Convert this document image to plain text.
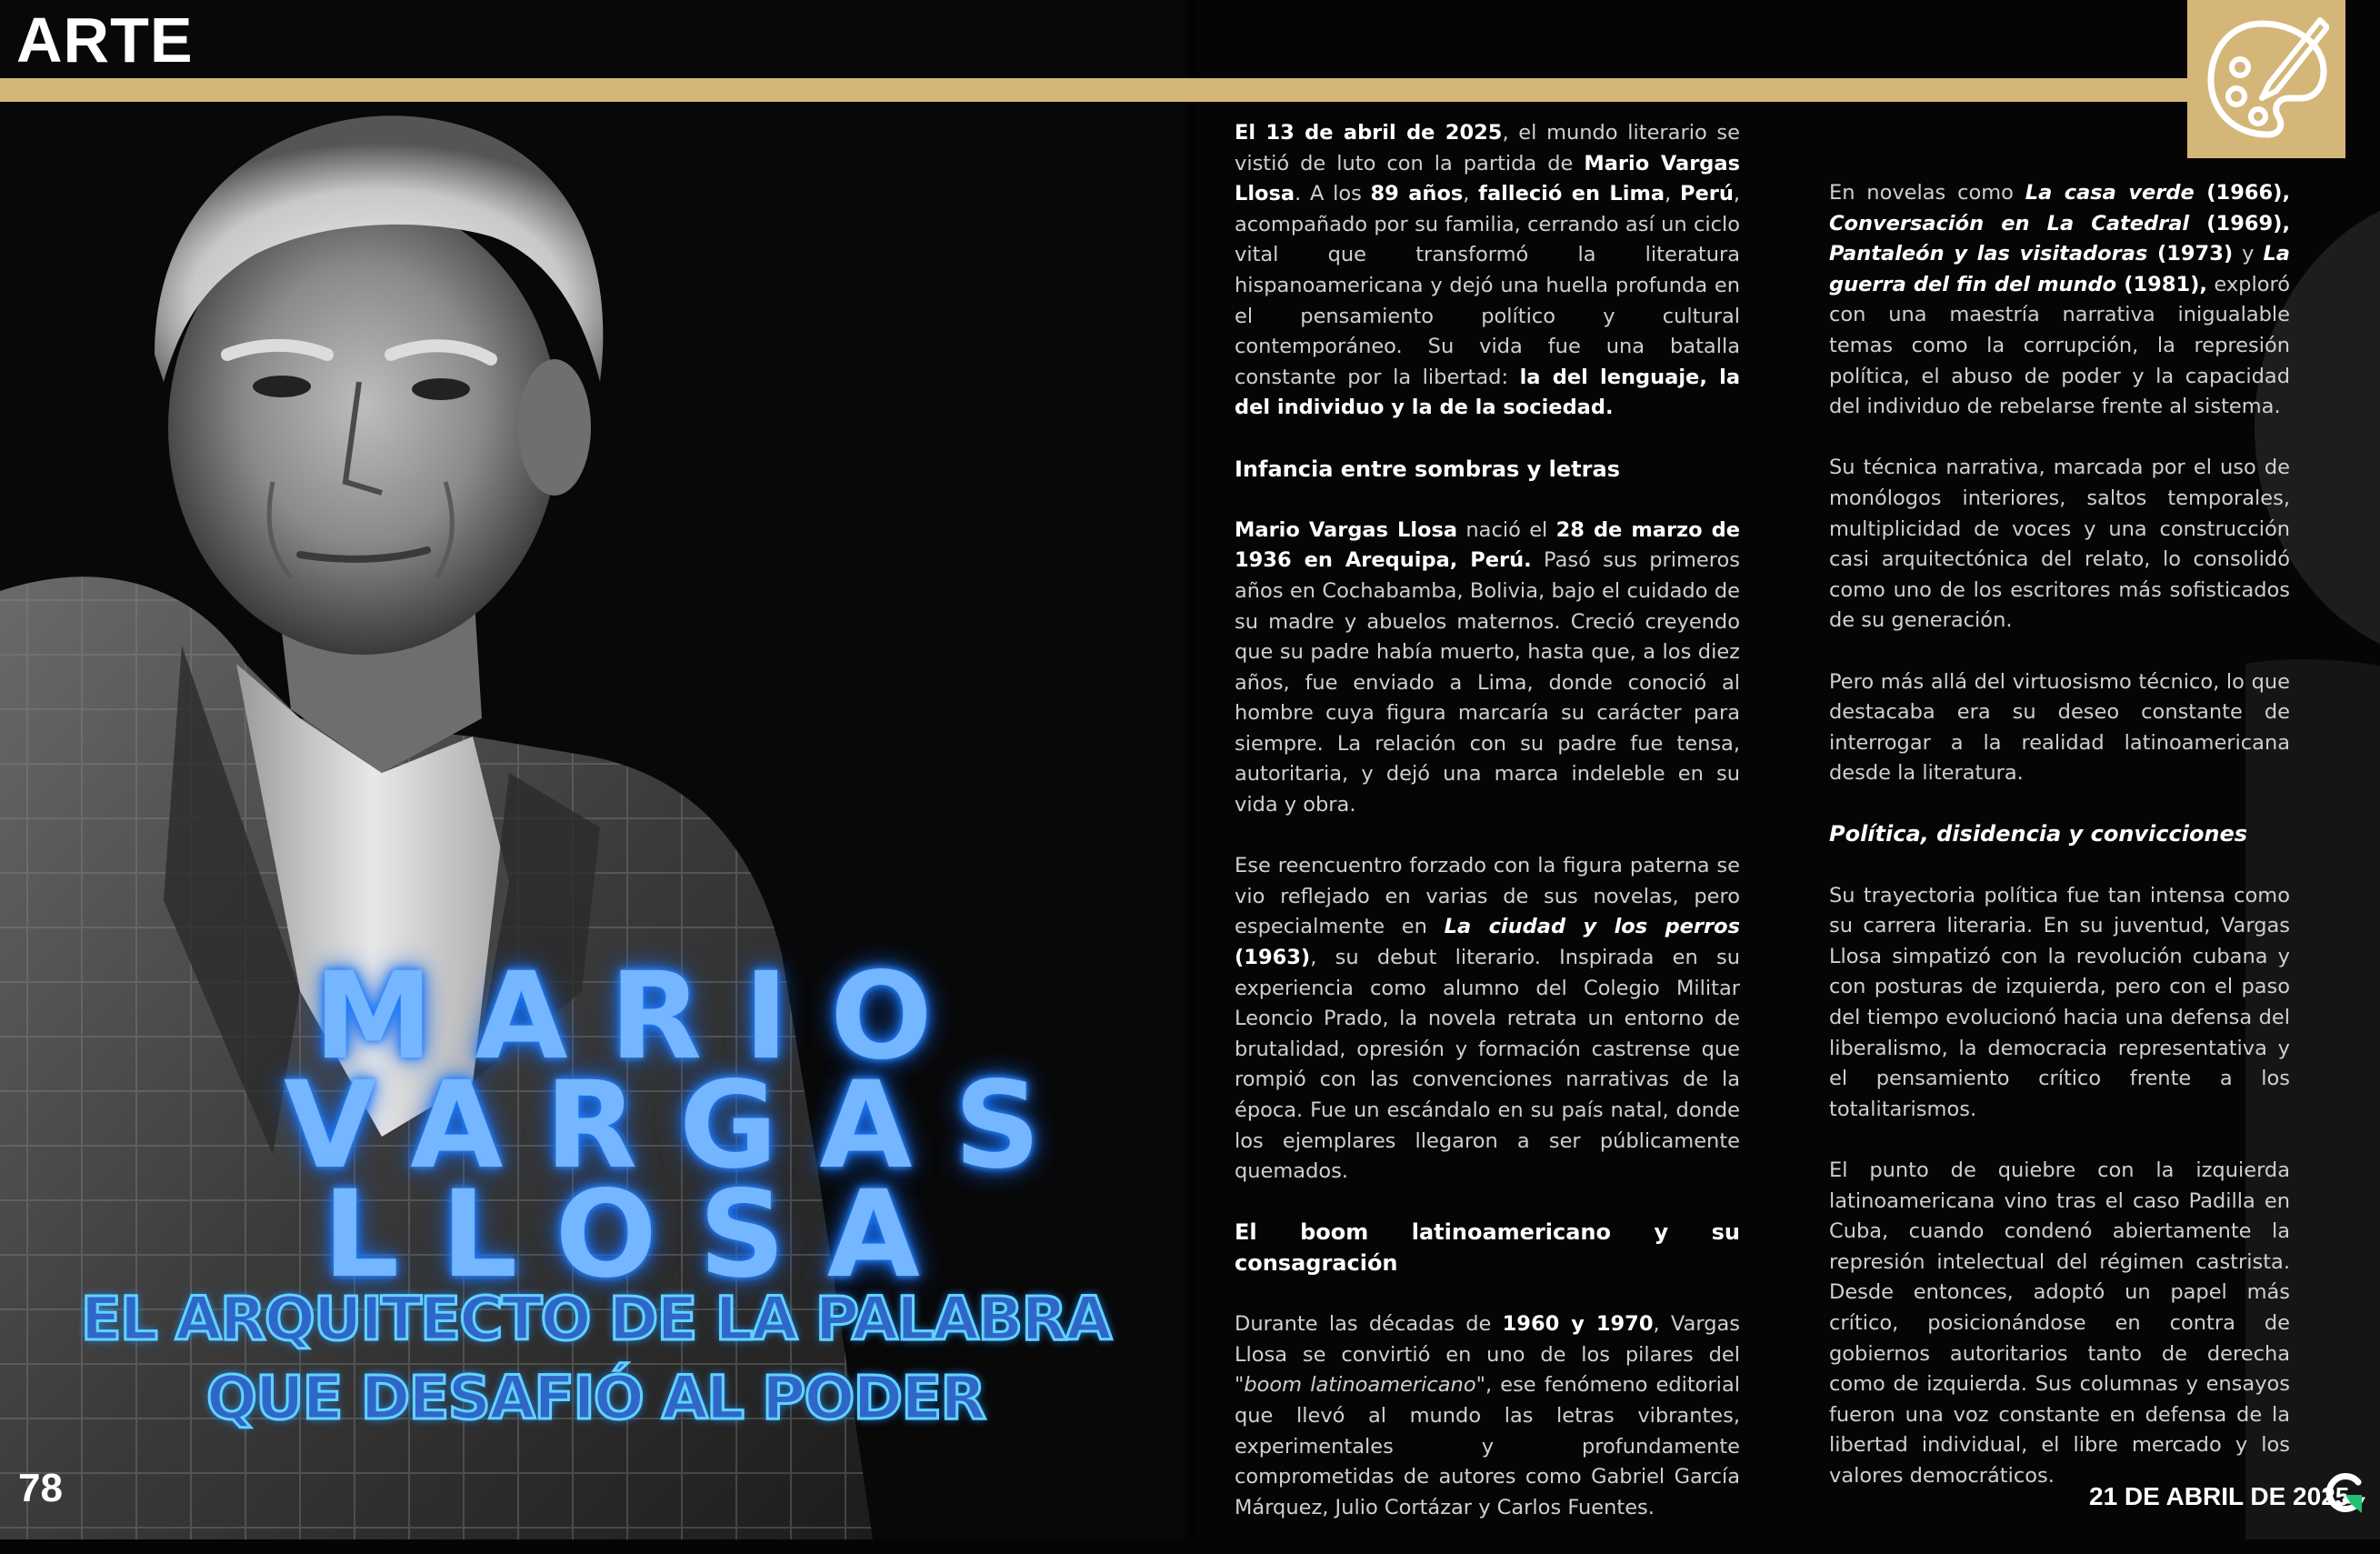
ARTE
MARIO
VARGAS
LLOSA
EL ARQUITECTO DE LA PALABRA
QUE DESAFIÓ AL PODER
78

El 13 de abril de 2025, el mundo literario se vistió de luto con la partida de Mario Vargas Llosa. A los 89 años, falleció en Lima, Perú, acompañado por su familia, cerrando así un ciclo vital que transformó la literatura hispanoamericana y dejó una huella profunda en el pensamiento político y cultural contemporáneo. Su vida fue una batalla constante por la libertad: la del lenguaje, la del individuo y la de la sociedad.

Infancia entre sombras y letras

Mario Vargas Llosa nació el 28 de marzo de 1936 en Arequipa, Perú. Pasó sus primeros años en Cochabamba, Bolivia, bajo el cuidado de su madre y abuelos maternos. Creció creyendo que su padre había muerto, hasta que, a los diez años, fue enviado a Lima, donde conoció al hombre cuya figura marcaría su carácter para siempre. La relación con su padre fue tensa, autoritaria, y dejó una marca indeleble en su vida y obra.

Ese reencuentro forzado con la figura paterna se vio reflejado en varias de sus novelas, pero especialmente en La ciudad y los perros (1963), su debut literario. Inspirada en su experiencia como alumno del Colegio Militar Leoncio Prado, la novela retrata un entorno de brutalidad, opresión y formación castrense que rompió con las convenciones narrativas de la época. Fue un escándalo en su país natal, donde los ejemplares llegaron a ser públicamente quemados.

El boom latinoamericano y su consagración

Durante las décadas de 1960 y 1970, Vargas Llosa se convirtió en uno de los pilares del "boom latinoamericano", ese fenómeno editorial que llevó al mundo las letras vibrantes, experimentales y profundamente comprometidas de autores como Gabriel García Márquez, Julio Cortázar y Carlos Fuentes.

En novelas como La casa verde (1966), Conversación en La Catedral (1969), Pantaleón y las visitadoras (1973) y La guerra del fin del mundo (1981), exploró con una maestría narrativa inigualable temas como la corrupción, la represión política, el abuso de poder y la capacidad del individuo de rebelarse frente al sistema.

Su técnica narrativa, marcada por el uso de monólogos interiores, saltos temporales, multiplicidad de voces y una construcción casi arquitectónica del relato, lo consolidó como uno de los escritores más sofisticados de su generación.

Pero más allá del virtuosismo técnico, lo que destacaba era su deseo constante de interrogar a la realidad latinoamericana desde la literatura.

Política, disidencia y convicciones

Su trayectoria política fue tan intensa como su carrera literaria. En su juventud, Vargas Llosa simpatizó con la revolución cubana y con posturas de izquierda, pero con el paso del tiempo evolucionó hacia una defensa del liberalismo, la democracia representativa y el pensamiento crítico frente a los totalitarismos.

El punto de quiebre con la izquierda latinoamericana vino tras el caso Padilla en Cuba, cuando condenó abiertamente la represión intelectual del régimen castrista. Desde entonces, adoptó un papel más crítico, posicionándose en contra de gobiernos autoritarios tanto de derecha como de izquierda. Sus columnas y ensayos fueron una voz constante en defensa de la libertad individual, el libre mercado y los valores democráticos.

21 DE ABRIL DE 2025
